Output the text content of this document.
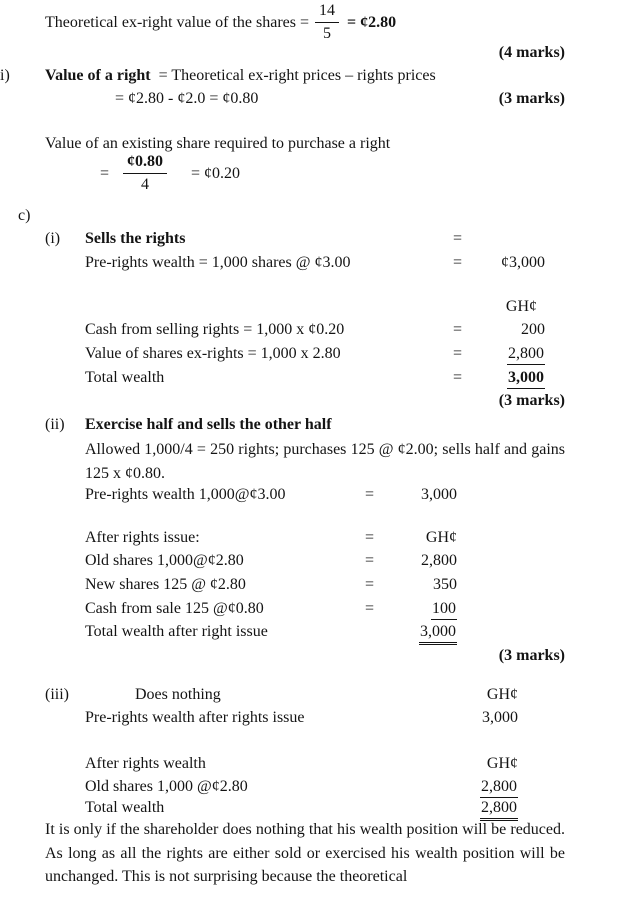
Theoretical ex-right value of the shares = $\frac{14}{5}$ = ¢2.80
(4 marks)
i) Value of a right = Theoretical ex-right prices – rights prices
= ¢2.80 - ¢2.0 = ¢0.80	(3 marks)
Value of an existing share required to purchase a right
= $\frac{¢0.80}{4}$ = ¢0.20
c)
(i) Sells the rights	=
Pre-rights wealth = 1,000 shares @ ¢3.00	=	¢3,000
GH¢
Cash from selling rights = 1,000 x ¢0.20	=	200
Value of shares ex-rights = 1,000 x 2.80	=	2,800
Total wealth	=	3,000
(3 marks)
(ii) Exercise half and sells the other half
Allowed 1,000/4 = 250 rights; purchases 125 @ ¢2.00; sells half and gains 125 x ¢0.80.
Pre-rights wealth 1,000@¢3.00	=	3,000
After rights issue:	=	GH¢
Old shares 1,000@¢2.80	=	2,800
New shares 125 @ ¢2.80	=	350
Cash from sale 125 @¢0.80	=	100
Total wealth after right issue	3,000
(3 marks)
(iii)	Does nothing	GH¢
Pre-rights wealth after rights issue	3,000
After rights wealth	GH¢
Old shares 1,000 @¢2.80	2,800
Total wealth	2,800
It is only if the shareholder does nothing that his wealth position will be reduced. As long as all the rights are either sold or exercised his wealth position will be unchanged. This is not surprising because the theoretical
